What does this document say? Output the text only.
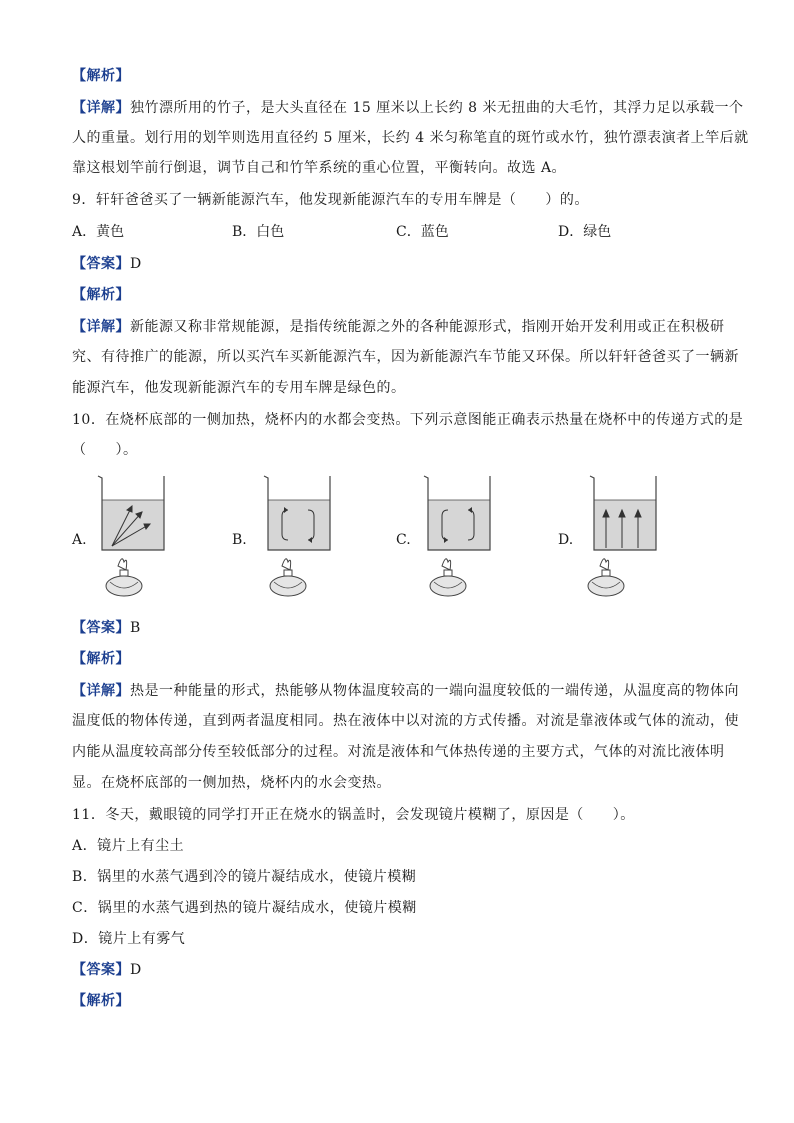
【解析】
【详解】独竹漂所用的竹子，是大头直径在 15 厘米以上长约 8 米无扭曲的大毛竹，其浮力足以承载一个
人的重量。划行用的划竿则选用直径约 5 厘米，长约 4 米匀称笔直的斑竹或水竹，独竹漂表演者上竿后就
靠这根划竿前行倒退，调节自己和竹竿系统的重心位置，平衡转向。故选 A。
9．轩轩爸爸买了一辆新能源汽车，他发现新能源汽车的专用车牌是（　　）的。
A．黄色	B．白色	C．蓝色	D．绿色
【答案】D
【解析】
【详解】新能源又称非常规能源，是指传统能源之外的各种能源形式，指刚开始开发利用或正在积极研
究、有待推广的能源，所以买汽车买新能源汽车，因为新能源汽车节能又环保。所以轩轩爸爸买了一辆新
能源汽车，他发现新能源汽车的专用车牌是绿色的。
10．在烧杯底部的一侧加热，烧杯内的水都会变热。下列示意图能正确表示热量在烧杯中的传递方式的是
（　　）。
A.	B.	C.	D.
【答案】B
【解析】
【详解】热是一种能量的形式，热能够从物体温度较高的一端向温度较低的一端传递，从温度高的物体向
温度低的物体传递，直到两者温度相同。热在液体中以对流的方式传播。对流是靠液体或气体的流动，使
内能从温度较高部分传至较低部分的过程。对流是液体和气体热传递的主要方式，气体的对流比液体明
显。在烧杯底部的一侧加热，烧杯内的水会变热。
11．冬天，戴眼镜的同学打开正在烧水的锅盖时，会发现镜片模糊了，原因是（　　）。
A．镜片上有尘土
B．锅里的水蒸气遇到冷的镜片凝结成水，使镜片模糊
C．锅里的水蒸气遇到热的镜片凝结成水，使镜片模糊
D．镜片上有雾气
【答案】D
【解析】
